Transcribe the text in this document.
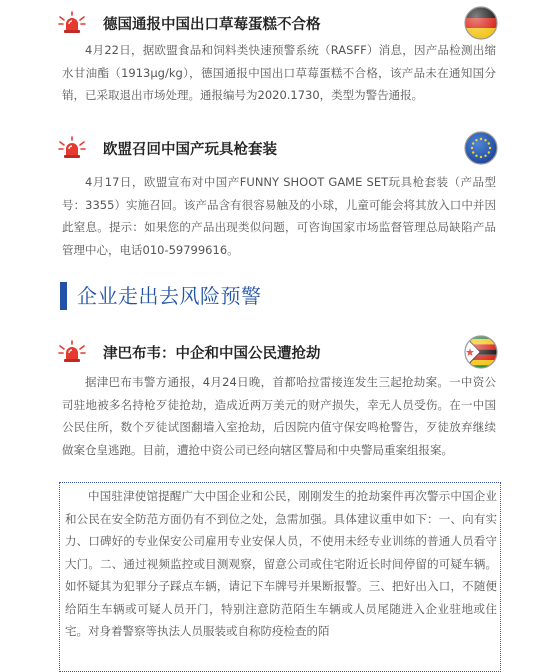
德国通报中国出口草莓蛋糕不合格

4月22日，据欧盟食品和饲料类快速预警系统（RASFF）消息，因产品检测出缩水甘油酯（1913μg/kg），德国通报中国出口草莓蛋糕不合格，该产品未在通知国分销，已采取退出市场处理。通报编号为2020.1730，类型为警告通报。

欧盟召回中国产玩具枪套装

4月17日，欧盟宣布对中国产FUNNY SHOOT GAME SET玩具枪套装（产品型号：3355）实施召回。该产品含有很容易触及的小球，儿童可能会将其放入口中并因此窒息。提示：如果您的产品出现类似问题，可咨询国家市场监督管理总局缺陷产品管理中心，电话010-59799616。

企业走出去风险预警
津巴布韦：中企和中国公民遭抢劫

据津巴布韦警方通报，4月24日晚，首都哈拉雷接连发生三起抢劫案。一中资公司驻地被多名持枪歹徒抢劫，造成近两万美元的财产损失，幸无人员受伤。在一中国公民住所，数个歹徒试图翻墙入室抢劫，后因院内值守保安鸣枪警告，歹徒放弃继续做案仓皇逃跑。目前，遭抢中资公司已经向辖区警局和中央警局重案组报案。

中国驻津使馆提醒广大中国企业和公民，刚刚发生的抢劫案件再次警示中国企业和公民在安全防范方面仍有不到位之处，急需加强。具体建议重申如下：一、向有实力、口碑好的专业保安公司雇用专业安保人员，不使用未经专业训练的普通人员看守大门。二、通过视频监控或目测观察，留意公司或住宅附近长时间停留的可疑车辆。如怀疑其为犯罪分子踩点车辆，请记下车牌号并果断报警。三、把好出入口，不随便给陌生车辆或可疑人员开门，特别注意防范陌生车辆或人员尾随进入企业驻地或住宅。对身着警察等执法人员服装或自称防疫检查的陌
